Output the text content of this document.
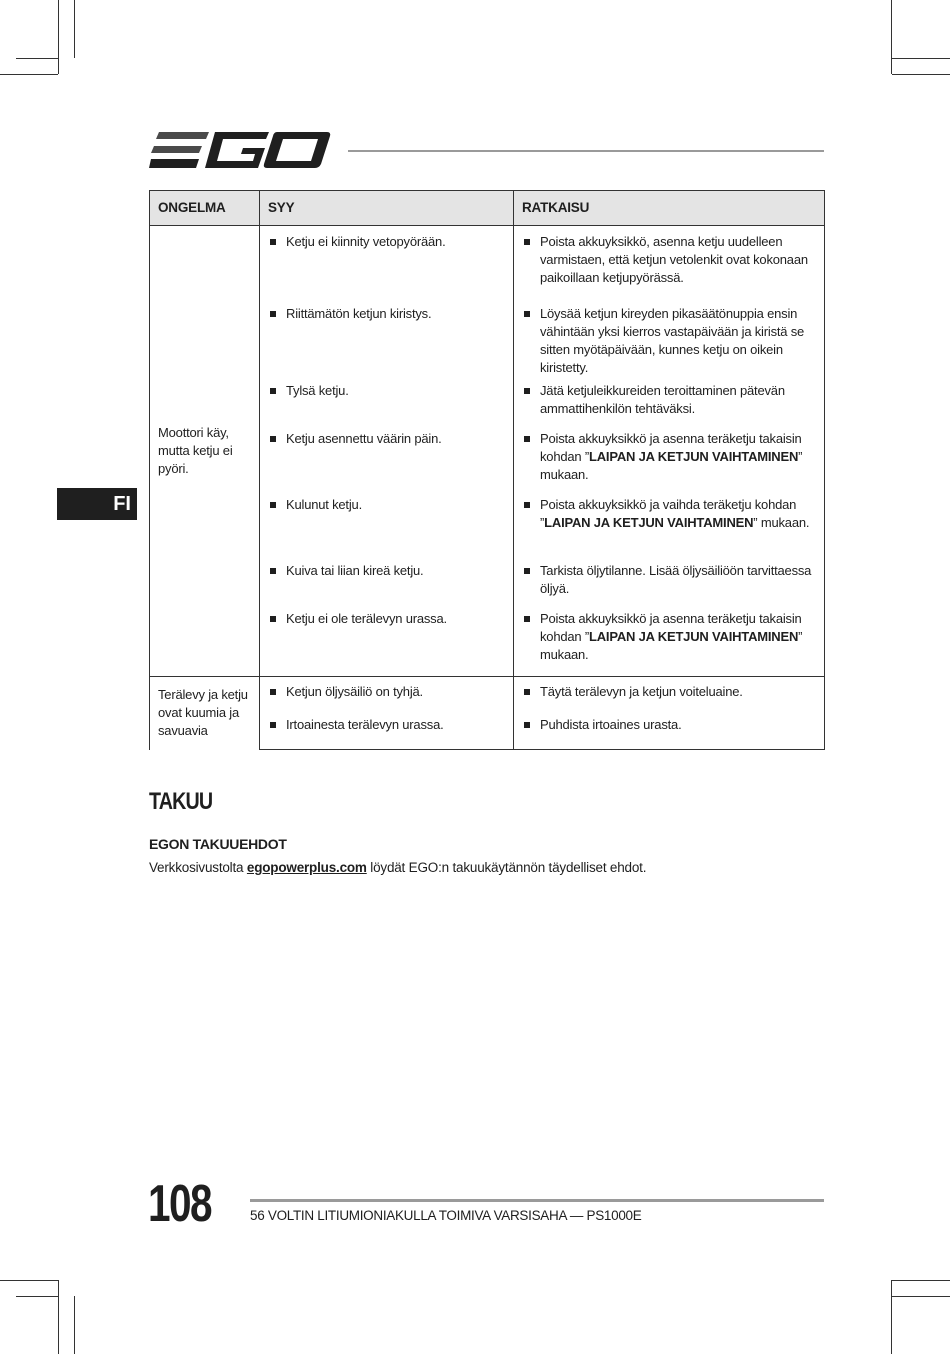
ONGELMA	SYY	RATKAISU
Moottori käy, mutta ketju ei pyöri.	Ketju ei kiinnity vetopyörään.	Poista akkuyksikkö, asenna ketju uudelleen varmistaen, että ketjun vetolenkit ovat kokonaan paikoillaan ketjupyörässä.

Riittämätön ketjun kiristys.	Löysää ketjun kireyden pikasäätönuppia ensin vähintään yksi kierros vastapäivään ja kiristä se sitten myötäpäivään, kunnes ketju on oikein kiristetty.

Tylsä ketju.	Jätä ketjuleikkureiden teroittaminen pätevän ammattihenkilön tehtäväksi.

Ketju asennettu väärin päin.	Poista akkuyksikkö ja asenna teräketju takaisin kohdan ”LAIPAN JA KETJUN VAIHTAMINEN” mukaan.

Kulunut ketju.	Poista akkuyksikkö ja vaihda teräketju kohdan ”LAIPAN JA KETJUN VAIHTAMINEN” mukaan.

Kuiva tai liian kireä ketju.	Tarkista öljytilanne. Lisää öljysäiliöön tarvittaessa öljyä.

Ketju ei ole terälevyn urassa.	Poista akkuyksikkö ja asenna teräketju takaisin kohdan ”LAIPAN JA KETJUN VAIHTAMINEN” mukaan.

Terälevy ja ketju ovat kuumia ja savuavia	Ketjun öljysäiliö on tyhjä.	Täytä terälevyn ja ketjun voiteluaine.

Irtoainesta terälevyn urassa.	Puhdista irtoaines urasta.
FI
TAKUU
EGON TAKUUEHDOT
Verkkosivustolta egopowerplus.com löydät EGO:n takuukäytännön täydelliset ehdot.
108	56 VOLTIN LITIUMIONIAKULLA TOIMIVA VARSISAHA — PS1000E
